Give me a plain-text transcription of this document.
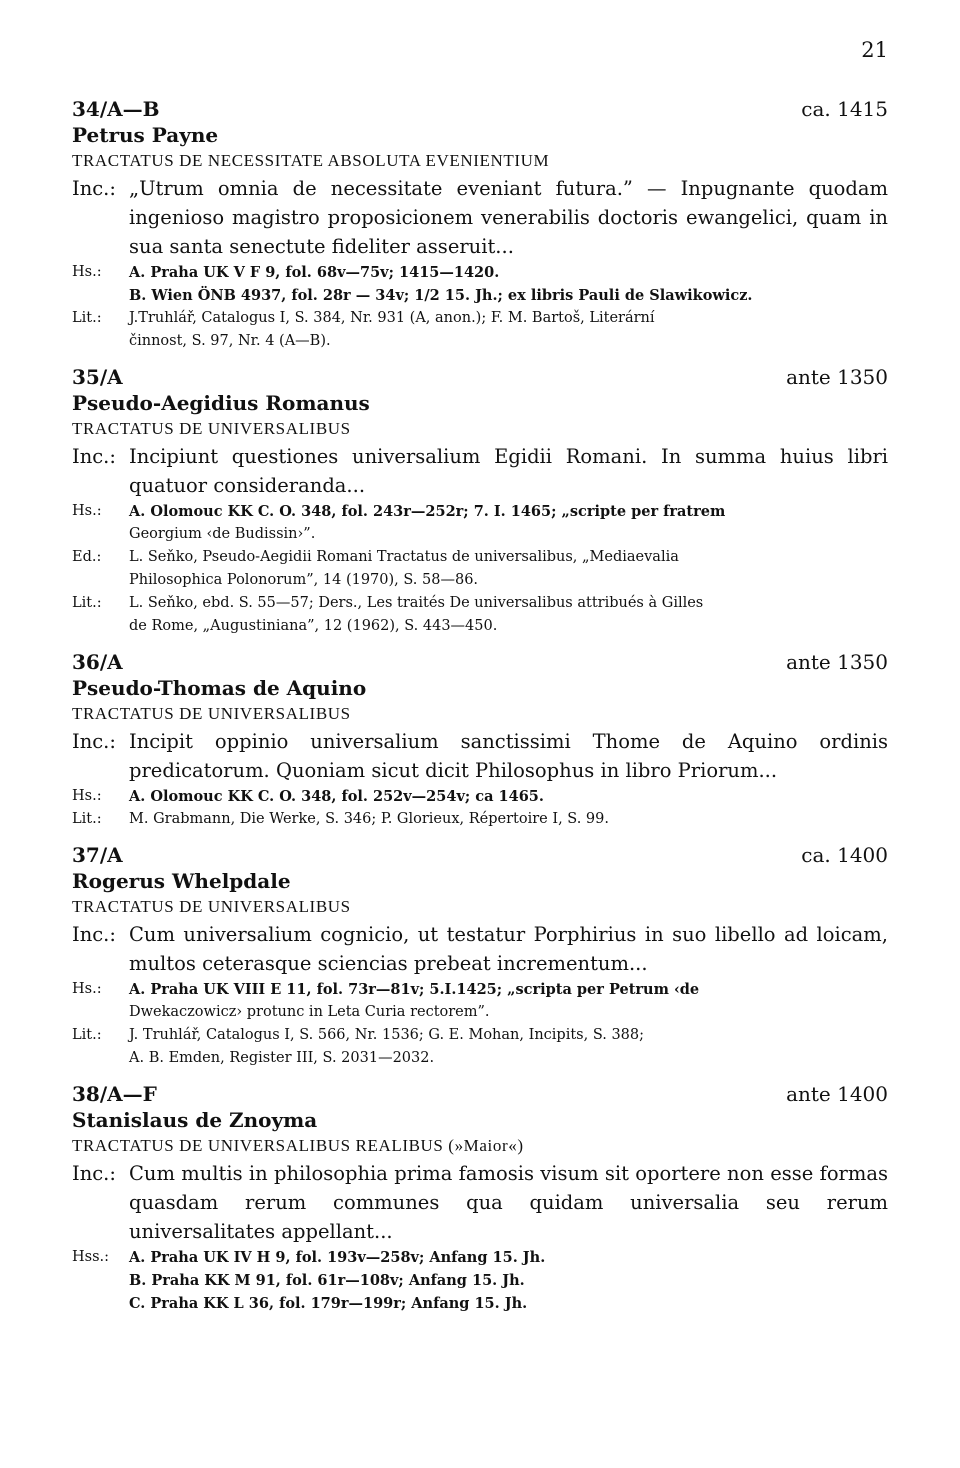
21
34/A—B	ca. 1415
Petrus Payne
TRACTATUS DE NECESSITATE ABSOLUTA EVENIENTIUM
Inc.: „Utrum omnia de necessitate eveniant futura.” — Inpugnante quodam ingenioso magistro proposicionem venerabilis doctoris ewangelici, quam in sua santa senectute fideliter asseruit...
Hs.:	A. Praha UK V F 9, fol. 68v—75v; 1415—1420.
B. Wien ÖNB 4937, fol. 28r — 34v; 1/2 15. Jh.; ex libris Pauli de Slawikowicz.
Lit.:	J.Truhlář, Catalogus I, S. 384, Nr. 931 (A, anon.); F. M. Bartoš, Literární
činnost, S. 97, Nr. 4 (A—B).
35/A	ante 1350
Pseudo-Aegidius Romanus
TRACTATUS DE UNIVERSALIBUS
Inc.: Incipiunt questiones universalium Egidii Romani. In summa huius libri quatuor consideranda...
Hs.:	A. Olomouc KK C. O. 348, fol. 243r—252r; 7. I. 1465; „scripte per fratrem
Georgium ‹de Budissin›”.
Ed.:	L. Seňko, Pseudo-Aegidii Romani Tractatus de universalibus, „Mediaevalia
Philosophica Polonorum”, 14 (1970), S. 58—86.
Lit.:	L. Seňko, ebd. S. 55—57; Ders., Les traités De universalibus attribués à Gilles
de Rome, „Augustiniana”, 12 (1962), S. 443—450.
36/A	ante 1350
Pseudo-Thomas de Aquino
TRACTATUS DE UNIVERSALIBUS
Inc.: Incipit oppinio universalium sanctissimi Thome de Aquino ordinis predicatorum. Quoniam sicut dicit Philosophus in libro Priorum...
Hs.:	A. Olomouc KK C. O. 348, fol. 252v—254v; ca 1465.
Lit.:	M. Grabmann, Die Werke, S. 346; P. Glorieux, Répertoire I, S. 99.
37/A	ca. 1400
Rogerus Whelpdale
TRACTATUS DE UNIVERSALIBUS
Inc.: Cum universalium cognicio, ut testatur Porphirius in suo libello ad loicam, multos ceterasque sciencias prebeat incrementum...
Hs.:	A. Praha UK VIII E 11, fol. 73r—81v; 5.I.1425; „scripta per Petrum ‹de
Dwekaczowicz› protunc in Leta Curia rectorem”.
Lit.:	J. Truhlář, Catalogus I, S. 566, Nr. 1536; G. E. Mohan, Incipits, S. 388;
A. B. Emden, Register III, S. 2031—2032.
38/A—F	ante 1400
Stanislaus de Znoyma
TRACTATUS DE UNIVERSALIBUS REALIBUS (»Maior«)
Inc.: Cum multis in philosophia prima famosis visum sit oportere non esse formas quasdam rerum communes qua quidam universalia seu rerum universalitates appellant...
Hss.:	A. Praha UK IV H 9, fol. 193v—258v; Anfang 15. Jh.
B. Praha KK M 91, fol. 61r—108v; Anfang 15. Jh.
C. Praha KK L 36, fol. 179r—199r; Anfang 15. Jh.
